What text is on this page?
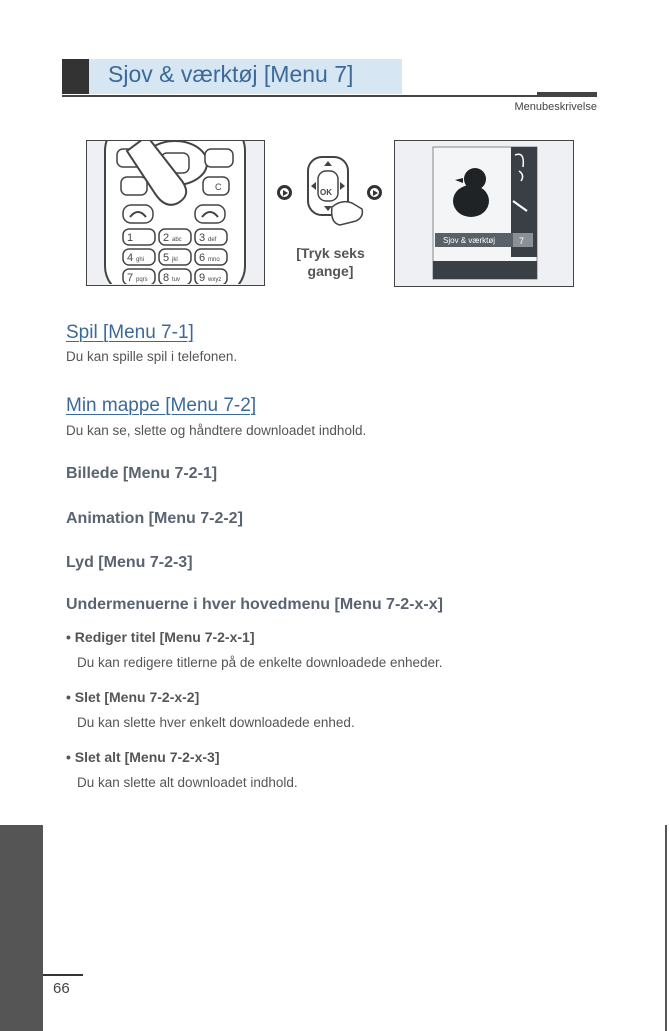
Sjov & værktøj [Menu 7]
Menubeskrivelse
C
1	2 abc 3 def
4 ghi 5 jkl 6 mno
7 pqrs 8 tuv 9 wxyz
OK
[Tryk seks
gange]
Sjov & værktøj	7
Spil [Menu 7-1]
Du kan spille spil i telefonen.
Min mappe [Menu 7-2]
Du kan se, slette og håndtere downloadet indhold.
Billede [Menu 7-2-1]
Animation [Menu 7-2-2]
Lyd [Menu 7-2-3]
Undermenuerne i hver hovedmenu [Menu 7-2-x-x]
• Rediger titel [Menu 7-2-x-1]
Du kan redigere titlerne på de enkelte downloadede enheder.
• Slet [Menu 7-2-x-2]
Du kan slette hver enkelt downloadede enhed.
• Slet alt [Menu 7-2-x-3]
Du kan slette alt downloadet indhold.
66
